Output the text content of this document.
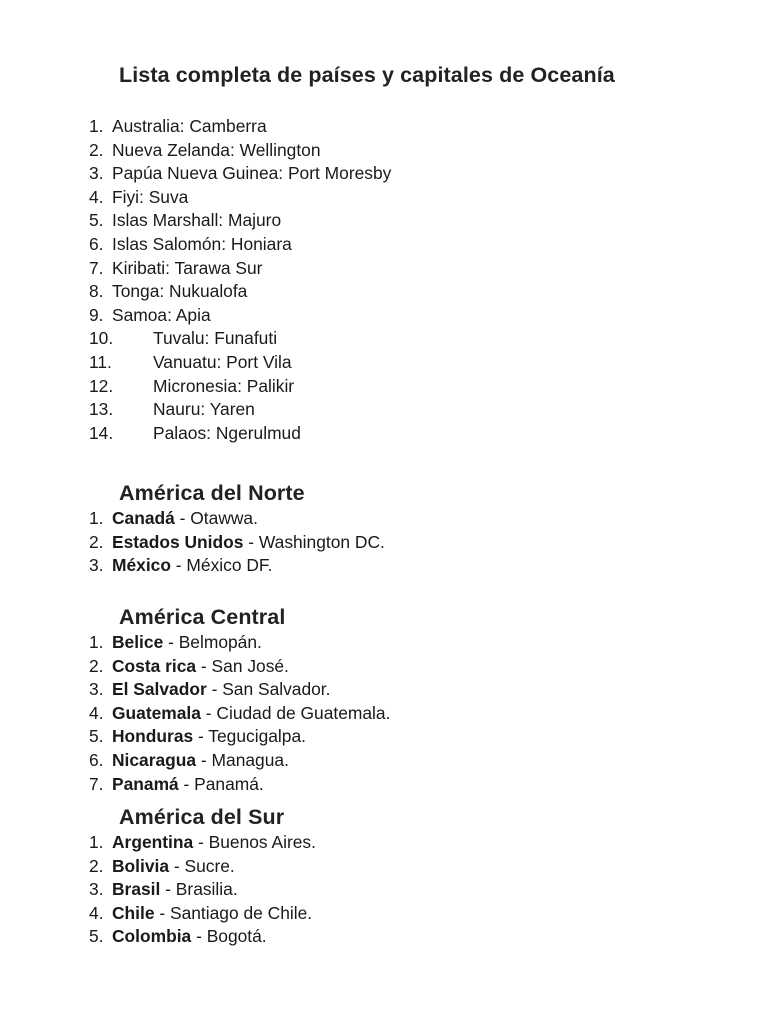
Lista completa de países y capitales de Oceanía
1. Australia: Camberra
2. Nueva Zelanda: Wellington
3. Papúa Nueva Guinea: Port Moresby
4. Fiyi: Suva
5. Islas Marshall: Majuro
6. Islas Salomón: Honiara
7. Kiribati: Tarawa Sur
8. Tonga: Nukualofa
9. Samoa: Apia
10. Tuvalu: Funafuti
11. Vanuatu: Port Vila
12. Micronesia: Palikir
13. Nauru: Yaren
14. Palaos: Ngerulmud
América del Norte
1. Canadá - Otawwa.
2. Estados Unidos - Washington DC.
3. México - México DF.
América Central
1. Belice - Belmopán.
2. Costa rica - San José.
3. El Salvador - San Salvador.
4. Guatemala - Ciudad de Guatemala.
5. Honduras - Tegucigalpa.
6. Nicaragua - Managua.
7. Panamá - Panamá.
América del Sur
1. Argentina - Buenos Aires.
2. Bolivia - Sucre.
3. Brasil - Brasilia.
4. Chile - Santiago de Chile.
5. Colombia - Bogotá.
